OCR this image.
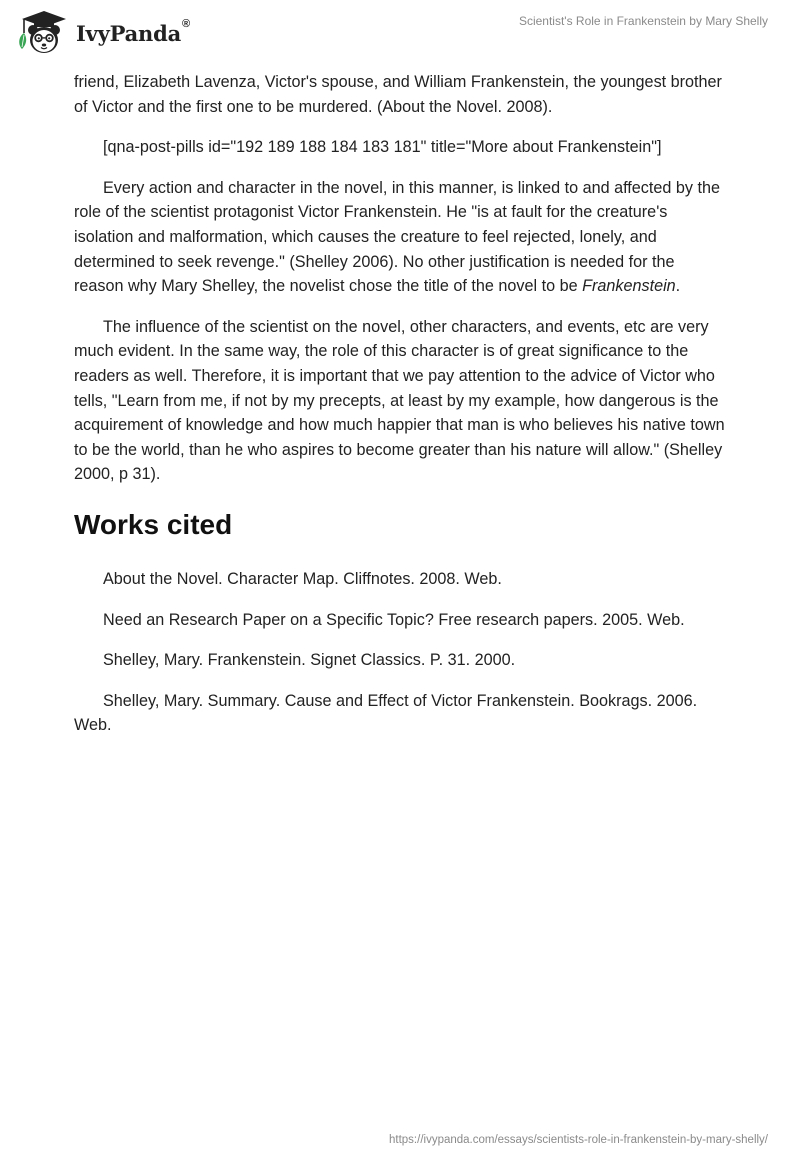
IvyPanda®	Scientist's Role in Frankenstein by Mary Shelly

friend, Elizabeth Lavenza, Victor's spouse, and William Frankenstein, the youngest brother of Victor and the first one to be murdered. (About the Novel. 2008).

[qna-post-pills id="192 189 188 184 183 181" title="More about Frankenstein"]

Every action and character in the novel, in this manner, is linked to and affected by the role of the scientist protagonist Victor Frankenstein. He "is at fault for the creature's isolation and malformation, which causes the creature to feel rejected, lonely, and determined to seek revenge." (Shelley 2006). No other justification is needed for the reason why Mary Shelley, the novelist chose the title of the novel to be Frankenstein.

The influence of the scientist on the novel, other characters, and events, etc are very much evident. In the same way, the role of this character is of great significance to the readers as well. Therefore, it is important that we pay attention to the advice of Victor who tells, "Learn from me, if not by my precepts, at least by my example, how dangerous is the acquirement of knowledge and how much happier that man is who believes his native town to be the world, than he who aspires to become greater than his nature will allow." (Shelley 2000, p 31).

Works cited

About the Novel. Character Map. Cliffnotes. 2008. Web.

Need an Research Paper on a Specific Topic? Free research papers. 2005. Web.

Shelley, Mary. Frankenstein. Signet Classics. P. 31. 2000.

Shelley, Mary. Summary. Cause and Effect of Victor Frankenstein. Bookrags. 2006. Web.

https://ivypanda.com/essays/scientists-role-in-frankenstein-by-mary-shelly/
